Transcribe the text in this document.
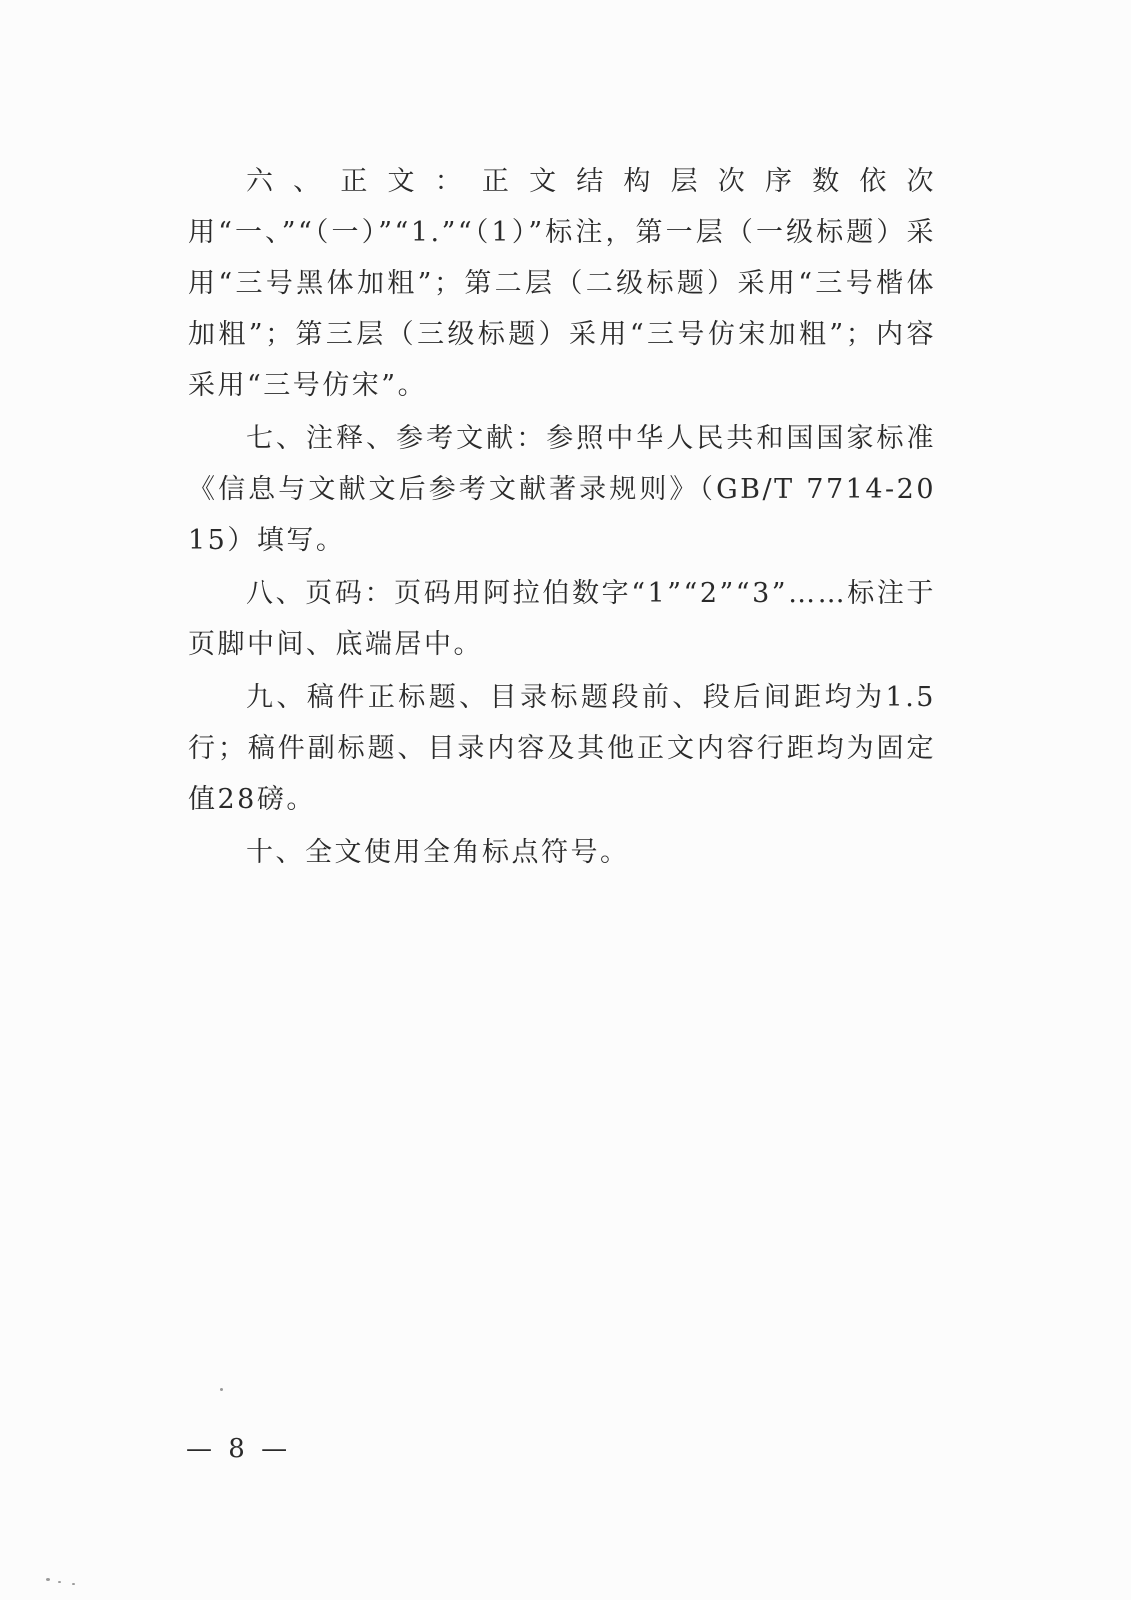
六、正文：正文结构层次序数依次用“一、”“（一）”“1.”“（1）”标注，第一层（一级标题）采用“三号黑体加粗”；第二层（二级标题）采用“三号楷体加粗”；第三层（三级标题）采用“三号仿宋加粗”；内容采用“三号仿宋”。

七、注释、参考文献：参照中华人民共和国国家标准《信息与文献文后参考文献著录规则》（GB/T 7714-2015）填写。

八、页码：页码用阿拉伯数字“1”“2”“3”……标注于页脚中间、底端居中。

九、稿件正标题、目录标题段前、段后间距均为1.5行；稿件副标题、目录内容及其他正文内容行距均为固定值28磅。

十、全文使用全角标点符号。

— 8 —
